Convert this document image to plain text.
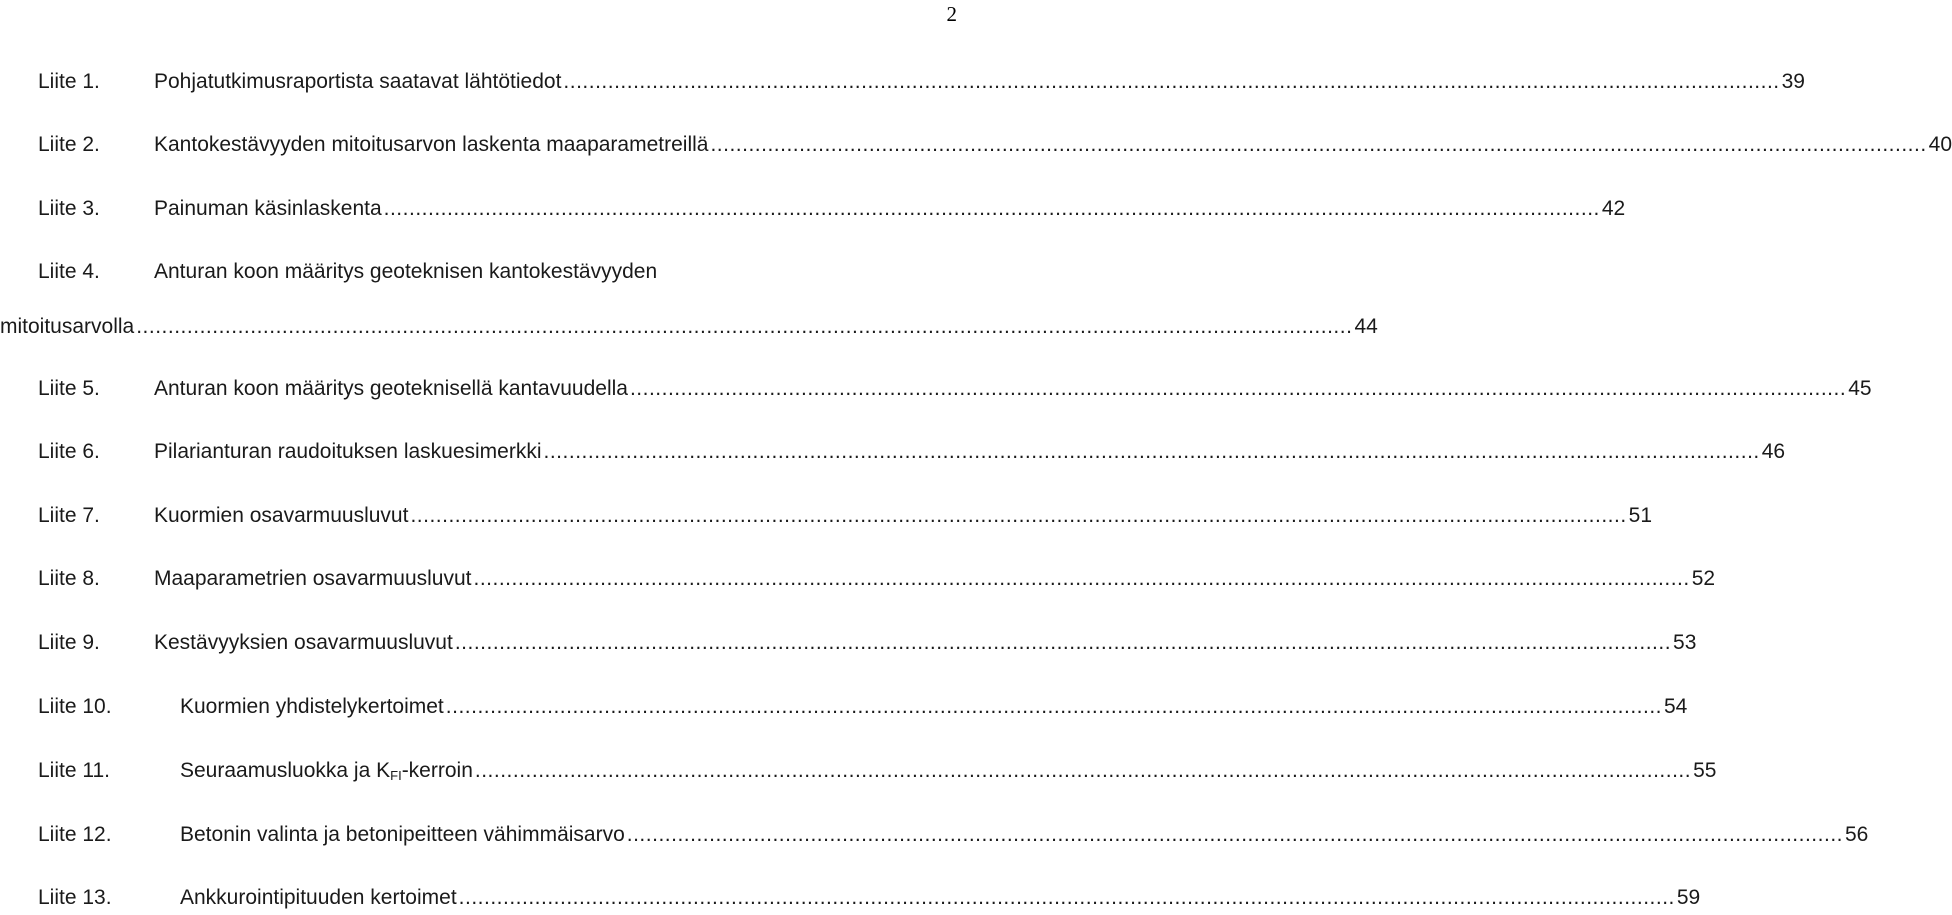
2
Liite 1.	Pohjatutkimusraportista saatavat lähtötiedot ................................................................................................................................................................................................ 39
Liite 2.	Kantokestävyyden mitoitusarvon laskenta maaparametreillä ................................................................................................................................................................................................ 40
Liite 3.	Painuman käsinlaskenta ................................................................................................................................................................................................ 42
Liite 4.	Anturan koon määritys geoteknisen kantokestävyyden
mitoitusarvolla ................................................................................................................................................................................................ 44
Liite 5.	Anturan koon määritys geoteknisellä kantavuudella ................................................................................................................................................................................................ 45
Liite 6.	Pilarianturan raudoituksen laskuesimerkki ................................................................................................................................................................................................ 46
Liite 7.	Kuormien osavarmuusluvut ................................................................................................................................................................................................ 51
Liite 8.	Maaparametrien osavarmuusluvut ................................................................................................................................................................................................ 52
Liite 9.	Kestävyyksien osavarmuusluvut ................................................................................................................................................................................................ 53
Liite 10.	Kuormien yhdistelykertoimet ................................................................................................................................................................................................ 54
Liite 11.	Seuraamusluokka ja $K_{FI}$-kerroin ................................................................................................................................................................................................ 55
Liite 12.	Betonin valinta ja betonipeitteen vähimmäisarvo ................................................................................................................................................................................................ 56
Liite 13.	Ankkurointipituuden kertoimet ................................................................................................................................................................................................ 59
